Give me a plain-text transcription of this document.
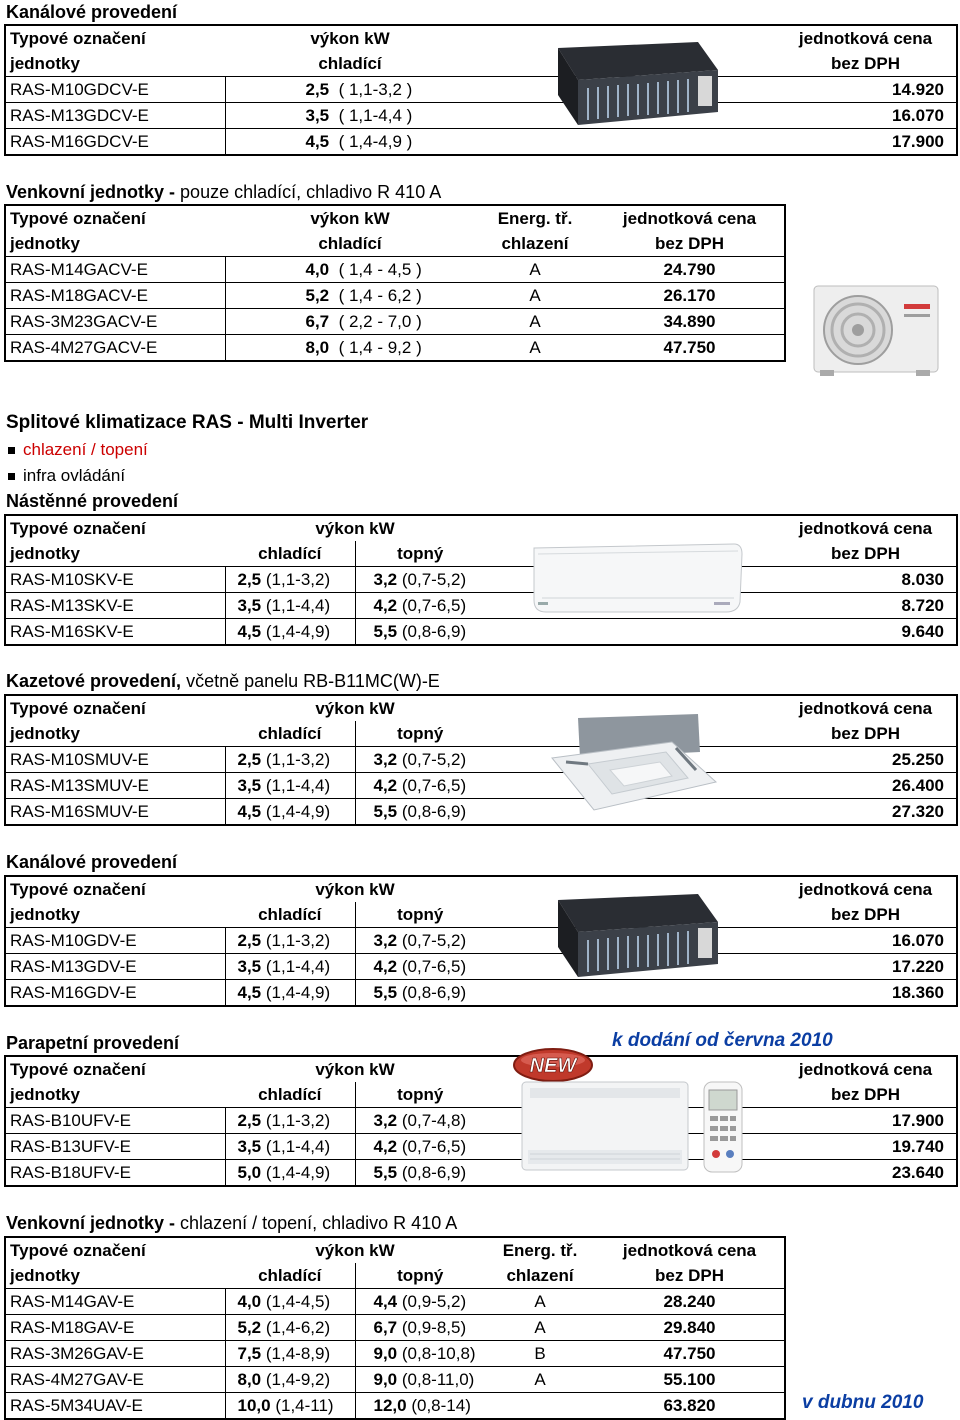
Kanálové provedení
Typové označení	výkon kW		jednotková cena
jednotky	chladící		bez DPH
RAS-M10GDCV-E	2,5 ( 1,1-3,2 )		14.920
RAS-M13GDCV-E	3,5 ( 1,1-4,4 )		16.070
RAS-M16GDCV-E	4,5 ( 1,4-4,9 )		17.900
Venkovní jednotky - pouze chladící, chladivo R 410 A
Typové označení	výkon kW	Energ. tř.	jednotková cena
jednotky	chladící	chlazení	bez DPH
RAS-M14GACV-E	4,0 ( 1,4 - 4,5 )	A	24.790
RAS-M18GACV-E	5,2 ( 1,4 - 6,2 )	A	26.170
RAS-3M23GACV-E	6,7 ( 2,2 - 7,0 )	A	34.890
RAS-4M27GACV-E	8,0 ( 1,4 - 9,2 )	A	47.750
Splitové klimatizace RAS - Multi Inverter
chlazení / topení
infra ovládání
Nástěnné provedení
Typové označení	výkon kW			jednotková cena
jednotky	chladící	topný		bez DPH
RAS-M10SKV-E	2,5 (1,1-3,2)	3,2 (0,7-5,2)		8.030
RAS-M13SKV-E	3,5 (1,1-4,4)	4,2 (0,7-6,5)		8.720
RAS-M16SKV-E	4,5 (1,4-4,9)	5,5 (0,8-6,9)		9.640
Kazetové provedení, včetně panelu RB-B11MC(W)-E
Typové označení	výkon kW			jednotková cena
jednotky	chladící	topný		bez DPH
RAS-M10SMUV-E	2,5 (1,1-3,2)	3,2 (0,7-5,2)		25.250
RAS-M13SMUV-E	3,5 (1,1-4,4)	4,2 (0,7-6,5)		26.400
RAS-M16SMUV-E	4,5 (1,4-4,9)	5,5 (0,8-6,9)		27.320
Kanálové provedení
Typové označení	výkon kW			jednotková cena
jednotky	chladící	topný		bez DPH
RAS-M10GDV-E	2,5 (1,1-3,2)	3,2 (0,7-5,2)		16.070
RAS-M13GDV-E	3,5 (1,1-4,4)	4,2 (0,7-6,5)		17.220
RAS-M16GDV-E	4,5 (1,4-4,9)	5,5 (0,8-6,9)		18.360
Parapetní provedení	k dodání od června 2010
Typové označení	výkon kW			jednotková cena
jednotky	chladící	topný		bez DPH
RAS-B10UFV-E	2,5 (1,1-3,2)	3,2 (0,7-4,8)		17.900
RAS-B13UFV-E	3,5 (1,1-4,4)	4,2 (0,7-6,5)		19.740
RAS-B18UFV-E	5,0 (1,4-4,9)	5,5 (0,8-6,9)		23.640
NEW
Venkovní jednotky - chlazení / topení, chladivo R 410 A
Typové označení	výkon kW		Energ. tř.	jednotková cena
jednotky	chladící	topný	chlazení	bez DPH
RAS-M14GAV-E	4,0 (1,4-4,5)	4,4 (0,9-5,2)	A	28.240
RAS-M18GAV-E	5,2 (1,4-6,2)	6,7 (0,9-8,5)	A	29.840
RAS-3M26GAV-E	7,5 (1,4-8,9)	9,0 (0,8-10,8)	B	47.750
RAS-4M27GAV-E	8,0 (1,4-9,2)	9,0 (0,8-11,0)	A	55.100
RAS-5M34UAV-E	10,0 (1,4-11)	12,0 (0,8-14)		63.820	v dubnu 2010
